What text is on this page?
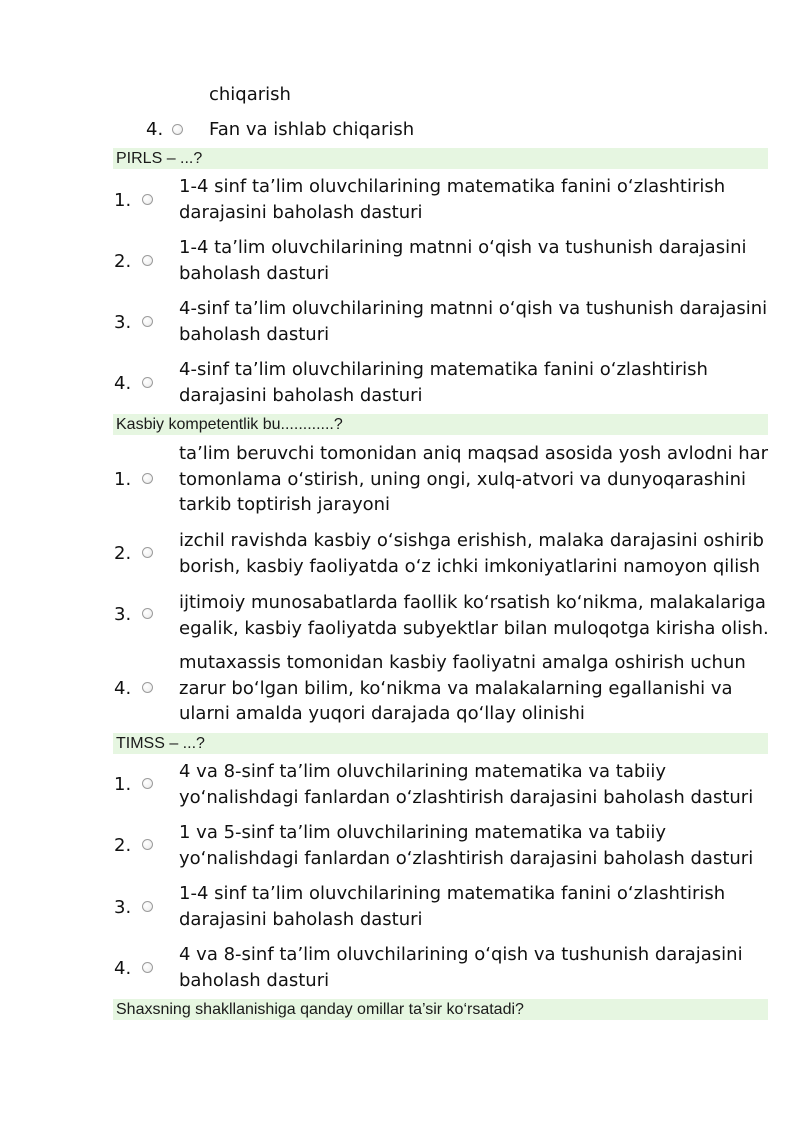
chiqarish
4.	Fan va ishlab chiqarish
PIRLS – ...?
1.
1-4 sinf ta’lim oluvchilarining matematika fanini o‘zlashtirish darajasini baholash dasturi
2.
1-4 ta’lim oluvchilarining matnni o‘qish va tushunish darajasini baholash dasturi
3.
4-sinf ta’lim oluvchilarining matnni o‘qish va tushunish darajasini baholash dasturi
4.
4-sinf ta’lim oluvchilarining matematika fanini o‘zlashtirish darajasini baholash dasturi
Kasbiy kompetentlik bu............?
1.
ta’lim beruvchi tomonidan aniq maqsad asosida yosh avlodni har tomonlama o‘stirish, uning ongi, xulq-atvori va dunyoqarashini tarkib toptirish jarayoni
2.
izchil ravishda kasbiy o‘sishga erishish, malaka darajasini oshirib borish, kasbiy faoliyatda o‘z ichki imkoniyatlarini namoyon qilish
3.
ijtimoiy munosabatlarda faollik ko‘rsatish ko‘nikma, malakalariga egalik, kasbiy faoliyatda subyektlar bilan muloqotga kirisha olish.
4.
mutaxassis tomonidan kasbiy faoliyatni amalga oshirish uchun zarur bo‘lgan bilim, ko‘nikma va malakalarning egallanishi va ularni amalda yuqori darajada qo‘llay olinishi
TIMSS – ...?
1.
4 va 8-sinf ta’lim oluvchilarining matematika va tabiiy yo‘nalishdagi fanlardan o‘zlashtirish darajasini baholash dasturi
2.
1 va 5-sinf ta’lim oluvchilarining matematika va tabiiy yo‘nalishdagi fanlardan o‘zlashtirish darajasini baholash dasturi
3.
1-4 sinf ta’lim oluvchilarining matematika fanini o‘zlashtirish darajasini baholash dasturi
4.
4 va 8-sinf ta’lim oluvchilarining o‘qish va tushunish darajasini baholash dasturi
Shaxsning shakllanishiga qanday omillar ta’sir ko‘rsatadi?
